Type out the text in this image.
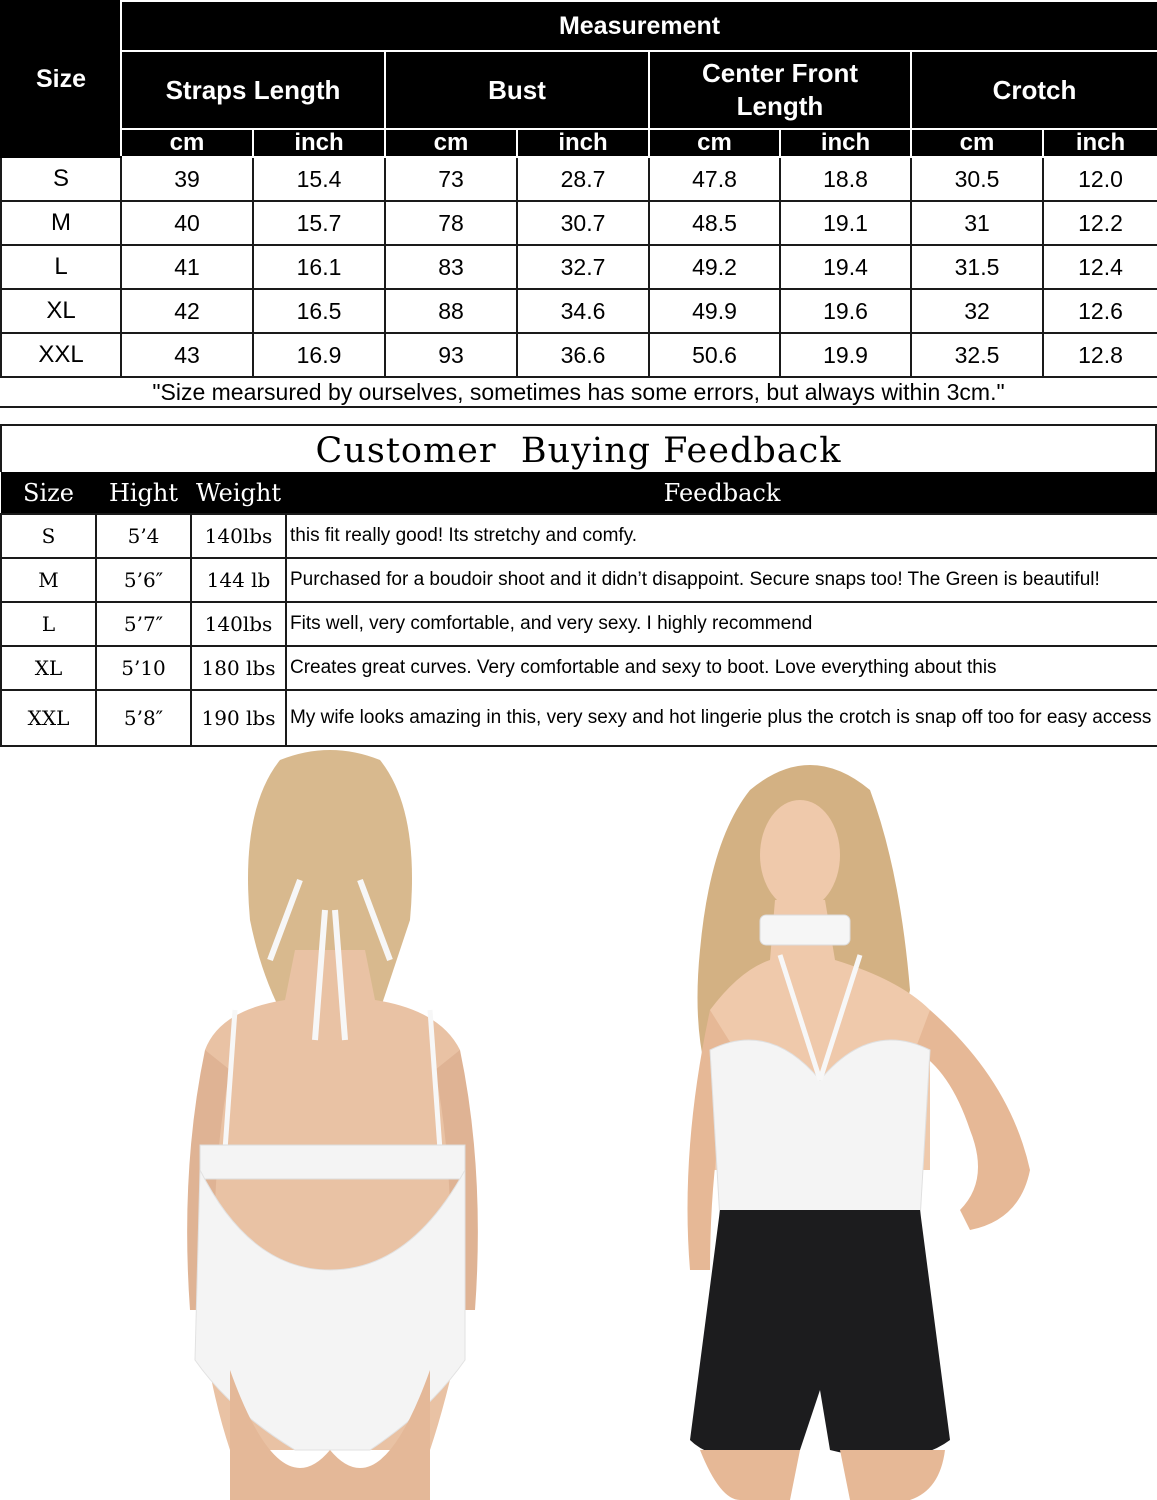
Size	Measurement							
	Straps Length		Bust		Center Front Length		Crotch	
	cm	inch	cm	inch	cm	inch	cm	inch
S	39	15.4	73	28.7	47.8	18.8	30.5	12.0
M	40	15.7	78	30.7	48.5	19.1	31	12.2
L	41	16.1	83	32.7	49.2	19.4	31.5	12.4
XL	42	16.5	88	34.6	49.9	19.6	32	12.6
XXL	43	16.9	93	36.6	50.6	19.9	32.5	12.8
"Size mearsured by ourselves, sometimes has some errors, but always within 3cm."
Customer  Buying Feedback
Size	Hight	Weight	Feedback
S	5’4	140lbs	this fit really good! Its stretchy and comfy.
M	5’6″	144 lb	Purchased for a boudoir shoot and it didn’t disappoint. Secure snaps too! The Green is beautiful!
L	5’7″	140lbs	Fits well, very comfortable, and very sexy. I highly recommend
XL	5’10	180 lbs	Creates great curves. Very comfortable and sexy to boot. Love everything about this
XXL	5’8″	190 lbs	My wife looks amazing in this, very sexy and hot lingerie plus the crotch is snap off too for easy access
